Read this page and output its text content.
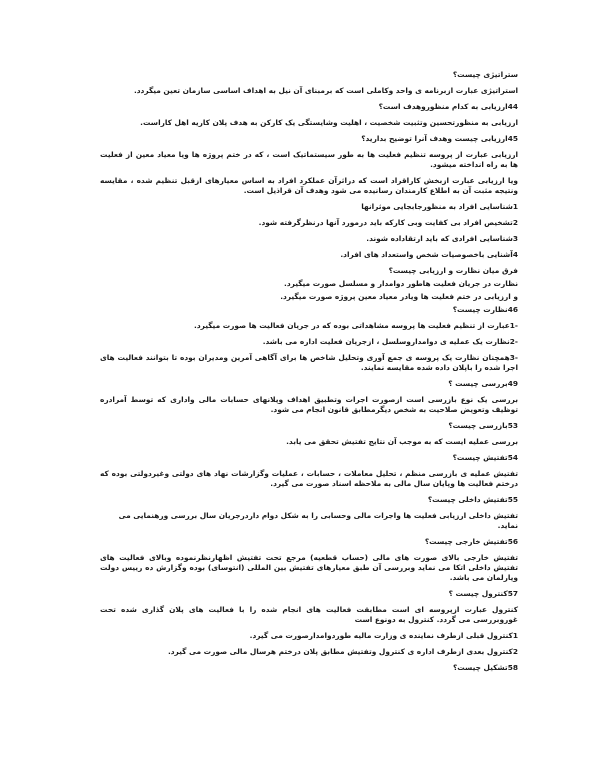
ستراتیژی چیست؟

استراتیژی عبارت ازبرنامه ی واحد وکاملی است که برمبنای آن نیل به اهداف اساسی سازمان تعین میگردد.

44ارزیابی به کدام منظوروهدف است؟

ارزیابی به منظورتحسین وتثبیت شخصیت ، اهلیت وشایستگی یک کارکن به هدف پلان کاریه اهل کاراست.

45ارزیابی چیست وهدف آنرا توضیح بدارید؟

ارزیابی عبارت از پروسه تنظیم فعلیت ها به طور سیستماتیک است ، که در ختم پروژه ها ویا معیاد معین از فعلیت ها به راه انداخته میشود.

ویا ارزیابی عبارت ازبخش کاراقراد است که دراثرآن عملکرد افراد به اساس معیارهای ازقبل تنظیم شده ، مقایسه ونتیجه مثبت آن به اطلاع کارمندان رسانیده می شود وهدف آن قراذیل است.

1شناسایی افراد به منظورجابجایی موثرانها

2تشخیص افراد بی کفایت وبی کارکه باید درمورد آنها درنظرگرفته شود.

3شناسایی افرادی که باید ارتقاداده شوند.

4آشنایی باخصوصیات شخص واستعداد های افراد.

فرق میان نظارت و ارزیابی چیست؟

نظارت در جریان فعلیت هاطور دوامدار و مسلسل صورت میگیرد.

و ارزیابی در ختم فعلیت ها ویادر معیاد معین پروژه صورت میگیرد.

46نظارت چیست؟

-1عبارت از تنظیم فعلیت ها پروسه مشاهداتی بوده که در جریان فعالیت ها صورت میگیرد.

-2نظارت یک عملیه ی دوامداروسلسل ، ازجریان فعلیت اداره می باشد.

-3همچنان نظارت یک پروسه ی جمع آوری وتحلیل شاخص ها برای آگاهی آمرین ومدیران بوده تا بتوانند فعالیت های اجرا شده را باپلان داده شده مقایسه نمایند.

49بررسی چیست ؟

بررسی یک نوع بازرسی است ازصورت اجرات وتطبیق اهداف وپلانهای حسابات مالی واداری که توسط آمرادره توظیف وتعویض صلاحیت به شخص دیگرمطابق قانون انجام می شود.

53بازرسی چیست؟

بررسی عملیه ایست که به موجب آن نتایج تفتیش تحقق می یابد.

54تفتیش چیست؟

تفتیش عملیه ی بازرسی منظم ، تحلیل معاملات ، حسابات ، عملیات وگزارشات نهاد های دولتی وغیردولتی بوده که درختم فعالیت ها وپایان سال مالی به ملاحظه اسناد صورت می گیرد.

55تفتیش داخلی چیست؟

تفتیش داخلی ارزیابی فعلیت ها واجرات مالی وحسابی را به شکل دوام داردرجریان سال بررسی ورهنمایی می نماید.

56تفتیش خارجی چیست؟

تفتیش خارجی بالای صورت های مالی (حساب قطعیه) مرجع تحت تفتیش اظهارنظرنموده وبالای فعالیت های تفتیش داخلی اتکا می نماید وبررسی آن طبق معیارهای تفتیش بین المللی (انتوسای) بوده وگزارش ده رییس دولت وپارلمان می باشد.

57کنترول چیست ؟

کنترول عبارت ازپروسه ای است مطابقت فعالیت های انجام شده را با فعالیت های پلان گذاری شده تحت غوروبررسی می گردد. کنترول به دونوع است

1کنترول قبلی ازطرف نماینده ی وزارت مالیه طوردوامدارصورت می گیرد.

2کنترول بعدی ازطرف اداره ی کنترول وتفتیش مطابق پلان درختم هرسال مالی صورت می گیرد.

58تشکیل چیست؟
